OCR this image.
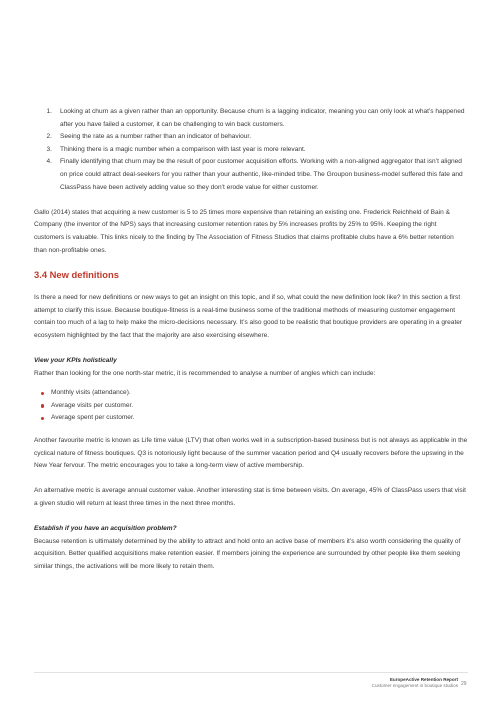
1.	Looking at churn as a given rather than an opportunity. Because churn is a lagging indicator, meaning you can only look at what’s happened after you have failed a customer, it can be challenging to win back customers.
2.	Seeing the rate as a number rather than an indicator of behaviour.
3.	Thinking there is a magic number when a comparison with last year is more relevant.
4.	Finally identifying that churn may be the result of poor customer acquisition efforts. Working with a non-aligned aggregator that isn’t aligned on price could attract deal-seekers for you rather than your authentic, like-minded tribe. The Groupon business-model suffered this fate and ClassPass have been actively adding value so they don’t erode value for either customer.

Gallo (2014) states that acquiring a new customer is 5 to 25 times more expensive than retaining an existing one. Frederick Reichheld of Bain & Company (the inventor of the NPS) says that increasing customer retention rates by 5% increases profits by 25% to 95%. Keeping the right customers is valuable. This links nicely to the finding by The Association of Fitness Studios that claims profitable clubs have a 6% better retention than non-profitable ones.

3.4 New definitions

Is there a need for new definitions or new ways to get an insight on this topic, and if so, what could the new definition look like? In this section a first attempt to clarify this issue. Because boutique-fitness is a real-time business some of the traditional methods of measuring customer engagement contain too much of a lag to help make the micro-decisions necessary. It’s also good to be realistic that boutique providers are operating in a greater ecosystem highlighted by the fact that the majority are also exercising elsewhere.

View your KPIs holistically

Rather than looking for the one north-star metric, it is recommended to analyse a number of angles which can include:

Monthly visits (attendance).
Average visits per customer.
Average spent per customer.

Another favourite metric is known as Life time value (LTV) that often works well in a subscription-based business but is not always as applicable in the cyclical nature of fitness boutiques. Q3 is notoriously light because of the summer vacation period and Q4 usually recovers before the upswing in the New Year fervour. The metric encourages you to take a long-term view of active membership.

An alternative metric is average annual customer value. Another interesting stat is time between visits. On average, 45% of ClassPass users that visit a given studio will return at least three times in the next three months.

Establish if you have an acquisition problem?

Because retention is ultimately determined by the ability to attract and hold onto an active base of members it’s also worth considering the quality of acquisition. Better qualified acquisitions make retention easier. If members joining the experience are surrounded by other people like them seeking similar things, the activations will be more likely to retain them.

EuropeActive Retention Report
Customer engagement in boutique studios 29
